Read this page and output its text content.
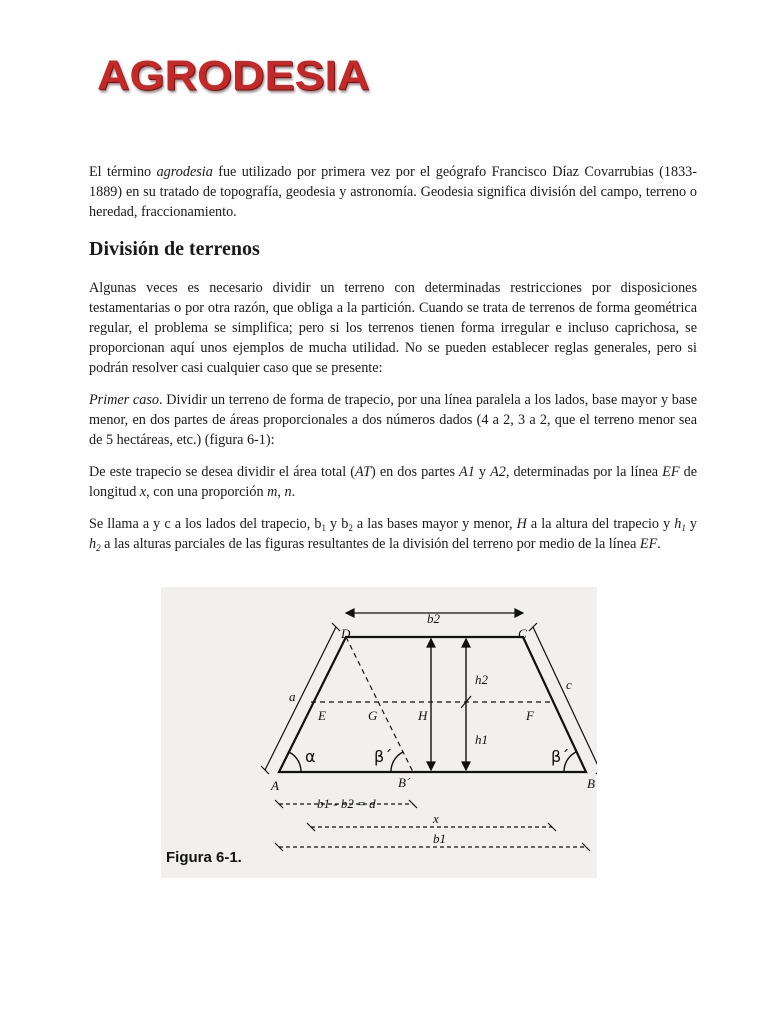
AGRODESIA

El término agrodesia fue utilizado por primera vez por el geógrafo Francisco Díaz Covarrubias (1833-1889) en su tratado de topografía, geodesia y astronomía. Geodesia significa división del campo, terreno o heredad, fraccionamiento.

División de terrenos

Algunas veces es necesario dividir un terreno con determinadas restricciones por disposiciones testamentarias o por otra razón, que obliga a la partición. Cuando se trata de terrenos de forma geométrica regular, el problema se simplifica; pero si los terrenos tienen forma irregular e incluso caprichosa, se proporcionan aquí unos ejemplos de mucha utilidad. No se pueden establecer reglas generales, pero si podrán resolver casi cualquier caso que se presente:

Primer caso. Dividir un terreno de forma de trapecio, por una línea paralela a los lados, base mayor y base menor, en dos partes de áreas proporcionales a dos números dados (4 a 2, 3 a 2, que el terreno menor sea de 5 hectáreas, etc.) (figura 6-1):

De este trapecio se desea dividir el área total (AT) en dos partes A1 y A2, determinadas por la línea EF de longitud x, con una proporción m, n.

Se llama a y c a los lados del trapecio, $b_1$ y $b_2$ a las bases mayor y menor, H a la altura del trapecio y $h_1$ y $h_2$ a las alturas parciales de las figuras resultantes de la división del terreno por medio de la línea EF.

b2
D	C
a
c
h2
E	G	H	F
h1
α	β´	β´
A	B´	B
b1 - b2 = d
x
b1
Figura 6-1.
